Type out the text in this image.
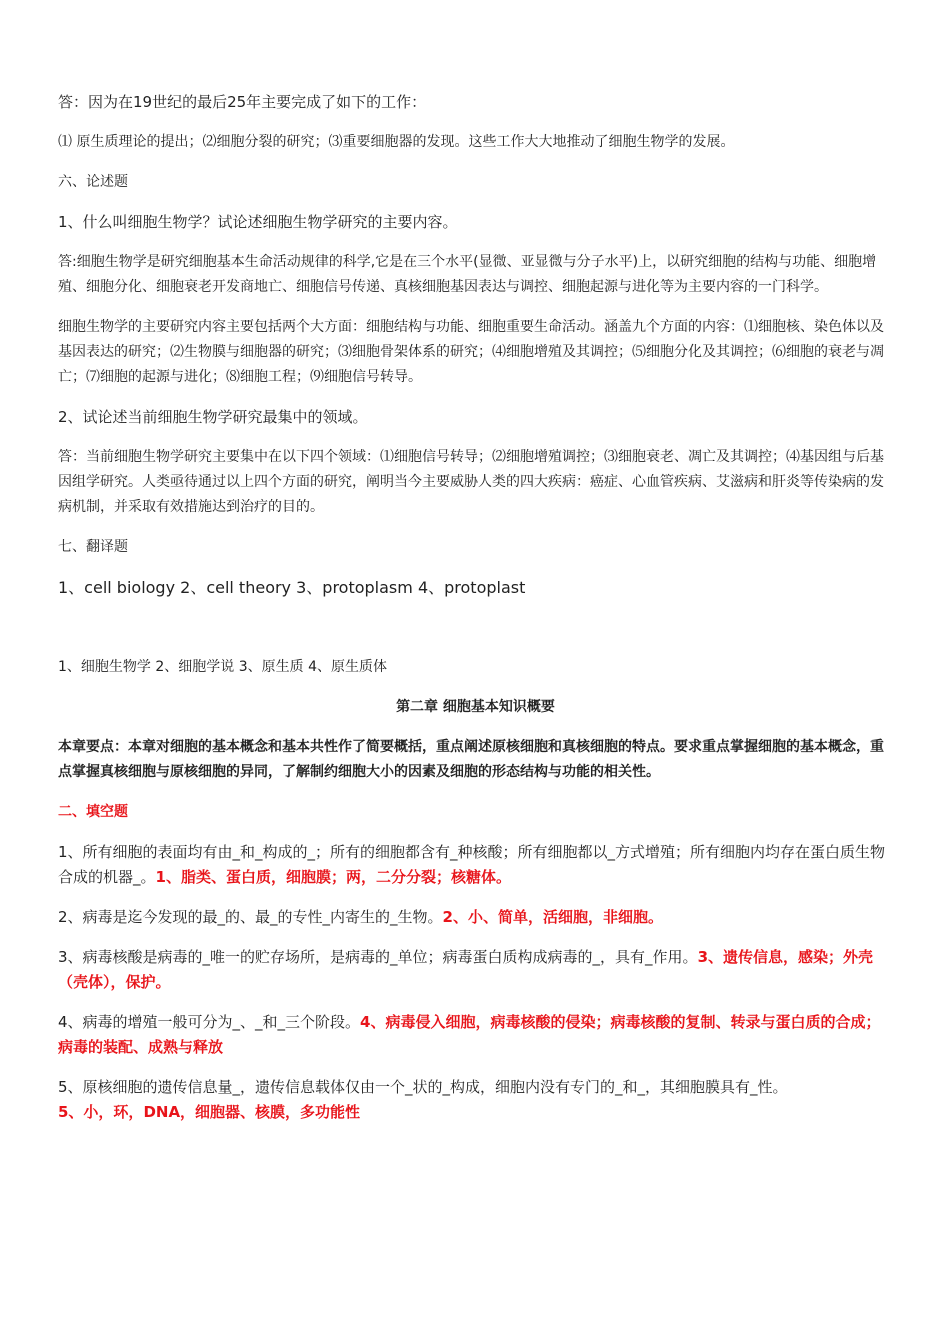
答：因为在19世纪的最后25年主要完成了如下的工作：

⑴ 原生质理论的提出；⑵细胞分裂的研究；⑶重要细胞器的发现。这些工作大大地推动了细胞生物学的发展。

六、论述题

1、什么叫细胞生物学？试论述细胞生物学研究的主要内容。

答:细胞生物学是研究细胞基本生命活动规律的科学,它是在三个水平(显微、亚显微与分子水平)上，以研究细胞的结构与功能、细胞增殖、细胞分化、细胞衰老开发商地亡、细胞信号传递、真核细胞基因表达与调控、细胞起源与进化等为主要内容的一门科学。

细胞生物学的主要研究内容主要包括两个大方面：细胞结构与功能、细胞重要生命活动。涵盖九个方面的内容：⑴细胞核、染色体以及基因表达的研究；⑵生物膜与细胞器的研究；⑶细胞骨架体系的研究；⑷细胞增殖及其调控；⑸细胞分化及其调控；⑹细胞的衰老与凋亡；⑺细胞的起源与进化；⑻细胞工程；⑼细胞信号转导。

2、试论述当前细胞生物学研究最集中的领域。

答：当前细胞生物学研究主要集中在以下四个领域：⑴细胞信号转导；⑵细胞增殖调控；⑶细胞衰老、凋亡及其调控；⑷基因组与后基因组学研究。人类亟待通过以上四个方面的研究，阐明当今主要威胁人类的四大疾病：癌症、心血管疾病、艾滋病和肝炎等传染病的发病机制，并采取有效措施达到治疗的目的。

七、翻译题

1、cell biology 2、cell theory 3、protoplasm 4、protoplast

1、细胞生物学 2、细胞学说 3、原生质 4、原生质体

第二章 细胞基本知识概要

本章要点：本章对细胞的基本概念和基本共性作了简要概括，重点阐述原核细胞和真核细胞的特点。要求重点掌握细胞的基本概念，重点掌握真核细胞与原核细胞的异同，了解制约细胞大小的因素及细胞的形态结构与功能的相关性。

二、填空题

1、所有细胞的表面均有由_和_构成的_；所有的细胞都含有_种核酸；所有细胞都以_方式增殖；所有细胞内均存在蛋白质生物合成的机器_。1、脂类、蛋白质，细胞膜；两，二分分裂；核糖体。

2、病毒是迄今发现的最_的、最_的专性_内寄生的_生物。2、小、简单，活细胞，非细胞。

3、病毒核酸是病毒的_唯一的贮存场所，是病毒的_单位；病毒蛋白质构成病毒的_，具有_作用。3、遗传信息，感染；外壳（壳体），保护。

4、病毒的增殖一般可分为_、_和_三个阶段。4、病毒侵入细胞，病毒核酸的侵染；病毒核酸的复制、转录与蛋白质的合成；病毒的装配、成熟与释放

5、原核细胞的遗传信息量_，遗传信息载体仅由一个_状的_构成，细胞内没有专门的_和_，其细胞膜具有_性。
5、小，环，DNA，细胞器、核膜，多功能性
